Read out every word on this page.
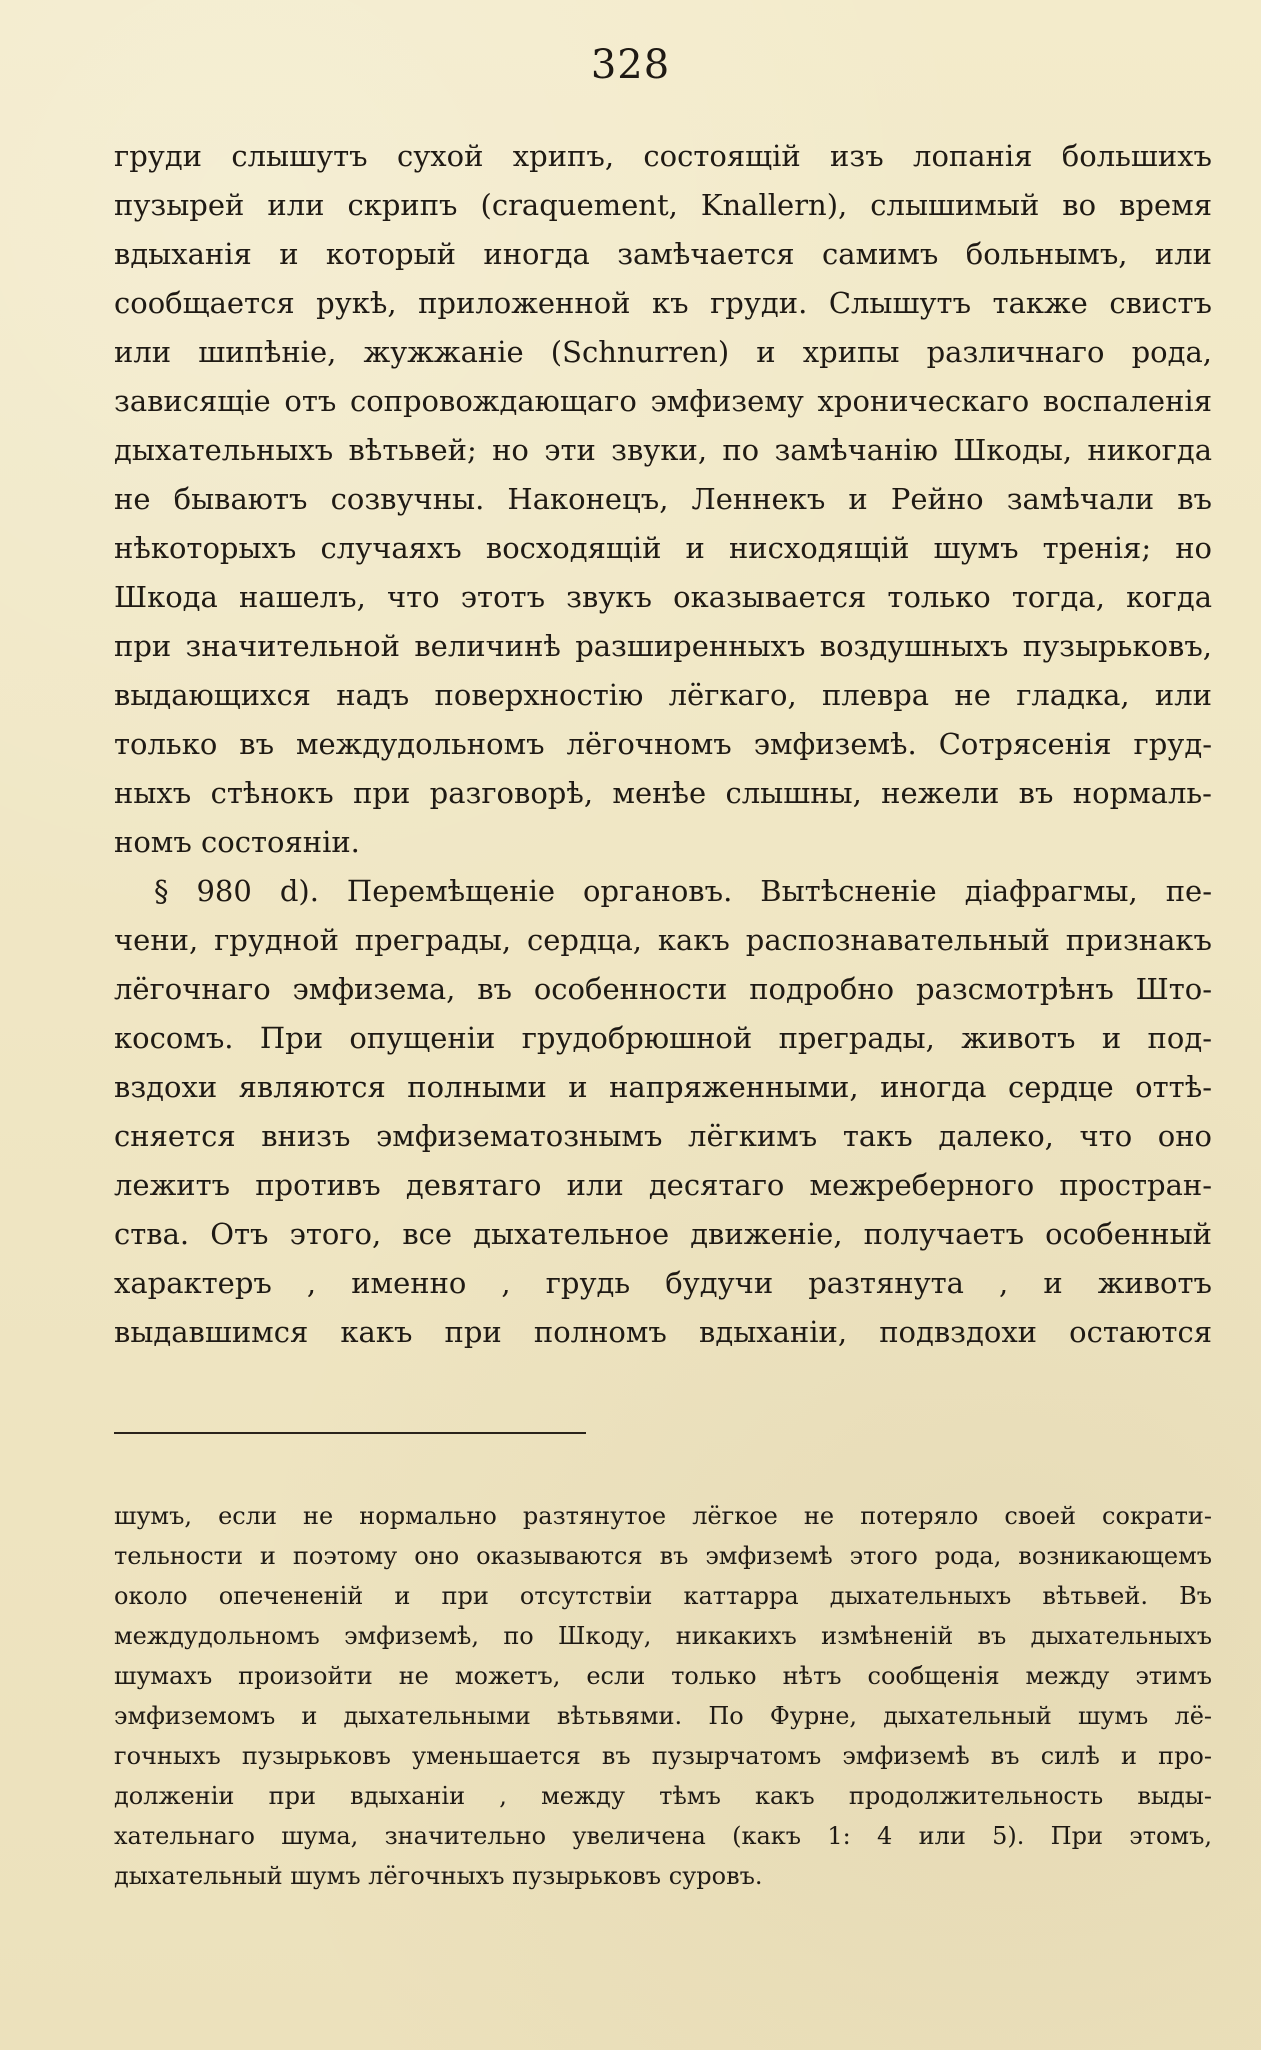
328
груди слышутъ сухой хрипъ, состоящій изъ лопанія большихъ
пузырей или скрипъ (craquement, Knallern), слышимый во время
вдыханія и который иногда замѣчается самимъ больнымъ, или
сообщается рукѣ, приложенной къ груди. Слышутъ также свистъ
или шипѣніе, жужжаніе (Schnurren) и хрипы различнаго рода,
зависящіе отъ сопровождающаго эмфизему хроническаго воспаленія
дыхательныхъ вѣтьвей; но эти звуки, по замѣчанію Шкоды, никогда
не бываютъ созвучны. Наконецъ, Леннекъ и Рейно замѣчали въ
нѣкоторыхъ случаяхъ восходящій и нисходящій шумъ тренія; но
Шкода нашелъ, что этотъ звукъ оказывается только тогда, когда
при значительной величинѣ разширенныхъ воздушныхъ пузырьковъ,
выдающихся надъ поверхностію лёгкаго, плевра не гладка, или
только въ междудольномъ лёгочномъ эмфиземѣ. Сотрясенія груд-
ныхъ стѣнокъ при разговорѣ, менѣе слышны, нежели въ нормаль-
номъ состояніи.
§ 980 d). Перемѣщеніе органовъ. Вытѣсненіе діафрагмы, пе-
чени, грудной преграды, сердца, какъ распознавательный признакъ
лёгочнаго эмфизема, въ особенности подробно разсмотрѣнъ Што-
косомъ. При опущеніи грудобрюшной преграды, животъ и под-
вздохи являются полными и напряженными, иногда сердце оттѣ-
сняется внизъ эмфизематознымъ лёгкимъ такъ далеко, что оно
лежитъ противъ девятаго или десятаго межреберного простран-
ства. Отъ этого, все дыхательное движеніе, получаетъ особенный
характеръ , именно , грудь будучи разтянута , и животъ
выдавшимся какъ при полномъ вдыханіи, подвздохи остаются
шумъ, если не нормально разтянутое лёгкое не потеряло своей сократи-
тельности и поэтому оно оказываются въ эмфиземѣ этого рода, возникающемъ
около опечененій и при отсутствіи каттарра дыхательныхъ вѣтьвей. Въ
междудольномъ эмфиземѣ, по Шкоду, никакихъ измѣненій въ дыхательныхъ
шумахъ произойти не можетъ, если только нѣтъ сообщенія между этимъ
эмфиземомъ и дыхательными вѣтьвями. По Фурне, дыхательный шумъ лё-
гочныхъ пузырьковъ уменьшается въ пузырчатомъ эмфиземѣ въ силѣ и про-
долженіи при вдыханіи , между тѣмъ какъ продолжительность выды-
хательнаго шума, значительно увеличена (какъ 1: 4 или 5). При этомъ,
дыхательный шумъ лёгочныхъ пузырьковъ суровъ.
